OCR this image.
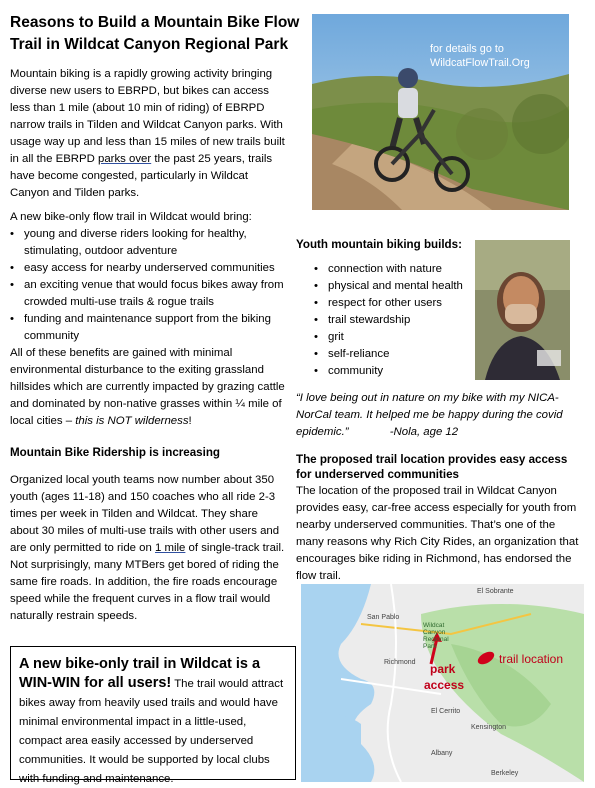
Reasons to Build a Mountain Bike Flow Trail in Wildcat Canyon Regional Park
Mountain biking is a rapidly growing activity bringing diverse new users to EBRPD, but bikes can access less than 1 mile (about 10 min of riding) of EBRPD narrow trails in Tilden and Wildcat Canyon parks. With usage way up and less than 15 miles of new trails built in all the EBRPD parks over the past 25 years, trails have become congested, particularly in Wildcat Canyon and Tilden parks.
A new bike-only flow trail in Wildcat would bring:
• young and diverse riders looking for healthy, stimulating, outdoor adventure
• easy access for nearby underserved communities
• an exciting venue that would focus bikes away from crowded multi-use trails & rogue trails
• funding and maintenance support from the biking community
All of these benefits are gained with minimal environmental disturbance to the exiting grassland hillsides which are currently impacted by grazing cattle and dominated by non-native grasses within ¼ mile of local cities – this is NOT wilderness!
Mountain Bike Ridership is increasing
Organized local youth teams now number about 350 youth (ages 11-18) and 150 coaches who all ride 2-3 times per week in Tilden and Wildcat. They share about 30 miles of multi-use trails with other users and are only permitted to ride on 1 mile of single-track trail. Not surprisingly, many MTBers get bored of riding the same fire roads. In addition, the fire roads encourage speed while the frequent curves in a flow trail would naturally restrain speeds.
A new bike-only trail in Wildcat is a WIN-WIN for all users! The trail would attract bikes away from heavily used trails and would have minimal environmental impact in a little-used, compact area easily accessed by underserved communities. It would be supported by local clubs with funding and maintenance.
for details go to
WildcatFlowTrail.Org
Youth mountain biking builds:
• connection with nature
• physical and mental health
• respect for other users
• trail stewardship
• grit
• self-reliance
• community
“I love being out in nature on my bike with my NICA-NorCal team. It helped me be happy during the covid epidemic.”	-Nola, age 12
The proposed trail location provides easy access for underserved communities
The location of the proposed trail in Wildcat Canyon provides easy, car-free access especially for youth from nearby underserved communities. That’s one of the many reasons why Rich City Rides, an organization that encourages bike riding in Richmond, has endorsed the flow trail.
El Sobrante
San Pablo
Wildcat Canyon Regional Park
Richmond
El Cerrito
Kensington
Albany
Berkeley
park
access
trail location
